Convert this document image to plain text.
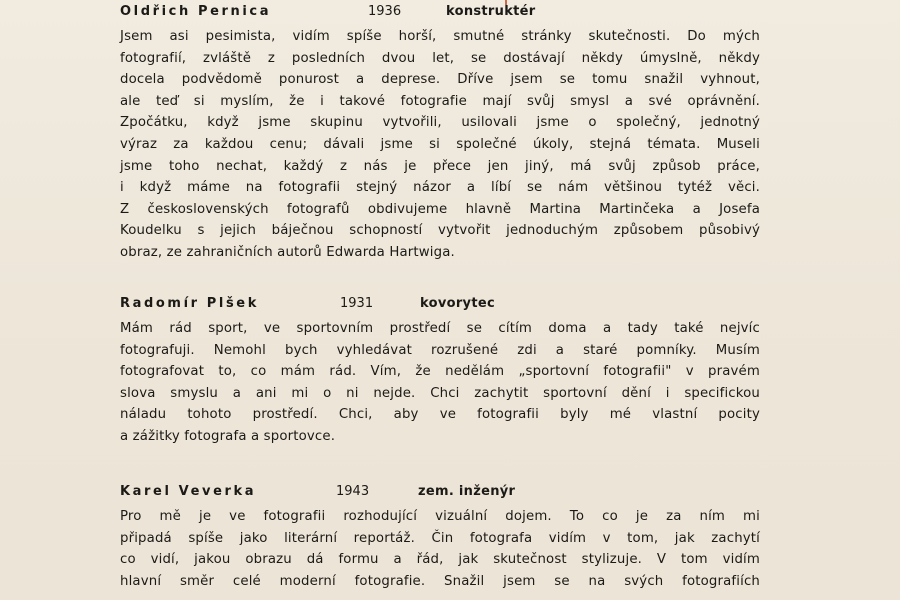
Oldřich Pernica	1936	konstruktér

Jsem asi pesimista, vidím spíše horší, smutné stránky skutečnosti. Do mých
fotografií, zvláště z posledních dvou let, se dostávají někdy úmyslně, někdy
docela podvědomě ponurost a deprese. Dříve jsem se tomu snažil vyhnout,
ale teď si myslím, že i takové fotografie mají svůj smysl a své oprávnění.
Zpočátku, když jsme skupinu vytvořili, usilovali jsme o společný, jednotný
výraz za každou cenu; dávali jsme si společné úkoly, stejná témata. Museli
jsme toho nechat, každý z nás je přece jen jiný, má svůj způsob práce,
i když máme na fotografii stejný názor a líbí se nám většinou tytéž věci.
Z československých fotografů obdivujeme hlavně Martina Martinčeka a Josefa
Koudelku s jejich báječnou schopností vytvořit jednoduchým způsobem působivý
obraz, ze zahraničních autorů Edwarda Hartwiga.

Radomír Plšek	1931	kovorytec

Mám rád sport, ve sportovním prostředí se cítím doma a tady také nejvíc
fotografuji. Nemohl bych vyhledávat rozrušené zdi a staré pomníky. Musím
fotografovat to, co mám rád. Vím, že nedělám „sportovní fotografii" v pravém
slova smyslu a ani mi o ni nejde. Chci zachytit sportovní dění i specifickou
náladu tohoto prostředí. Chci, aby ve fotografii byly mé vlastní pocity
a zážitky fotografa a sportovce.

Karel Veverka	1943	zem. inženýr

Pro mě je ve fotografii rozhodující vizuální dojem. To co je za ním mi
připadá spíše jako literární reportáž. Čin fotografa vidím v tom, jak zachytí
co vidí, jakou obrazu dá formu a řád, jak skutečnost stylizuje. V tom vidím
hlavní směr celé moderní fotografie. Snažil jsem se na svých fotografiích
